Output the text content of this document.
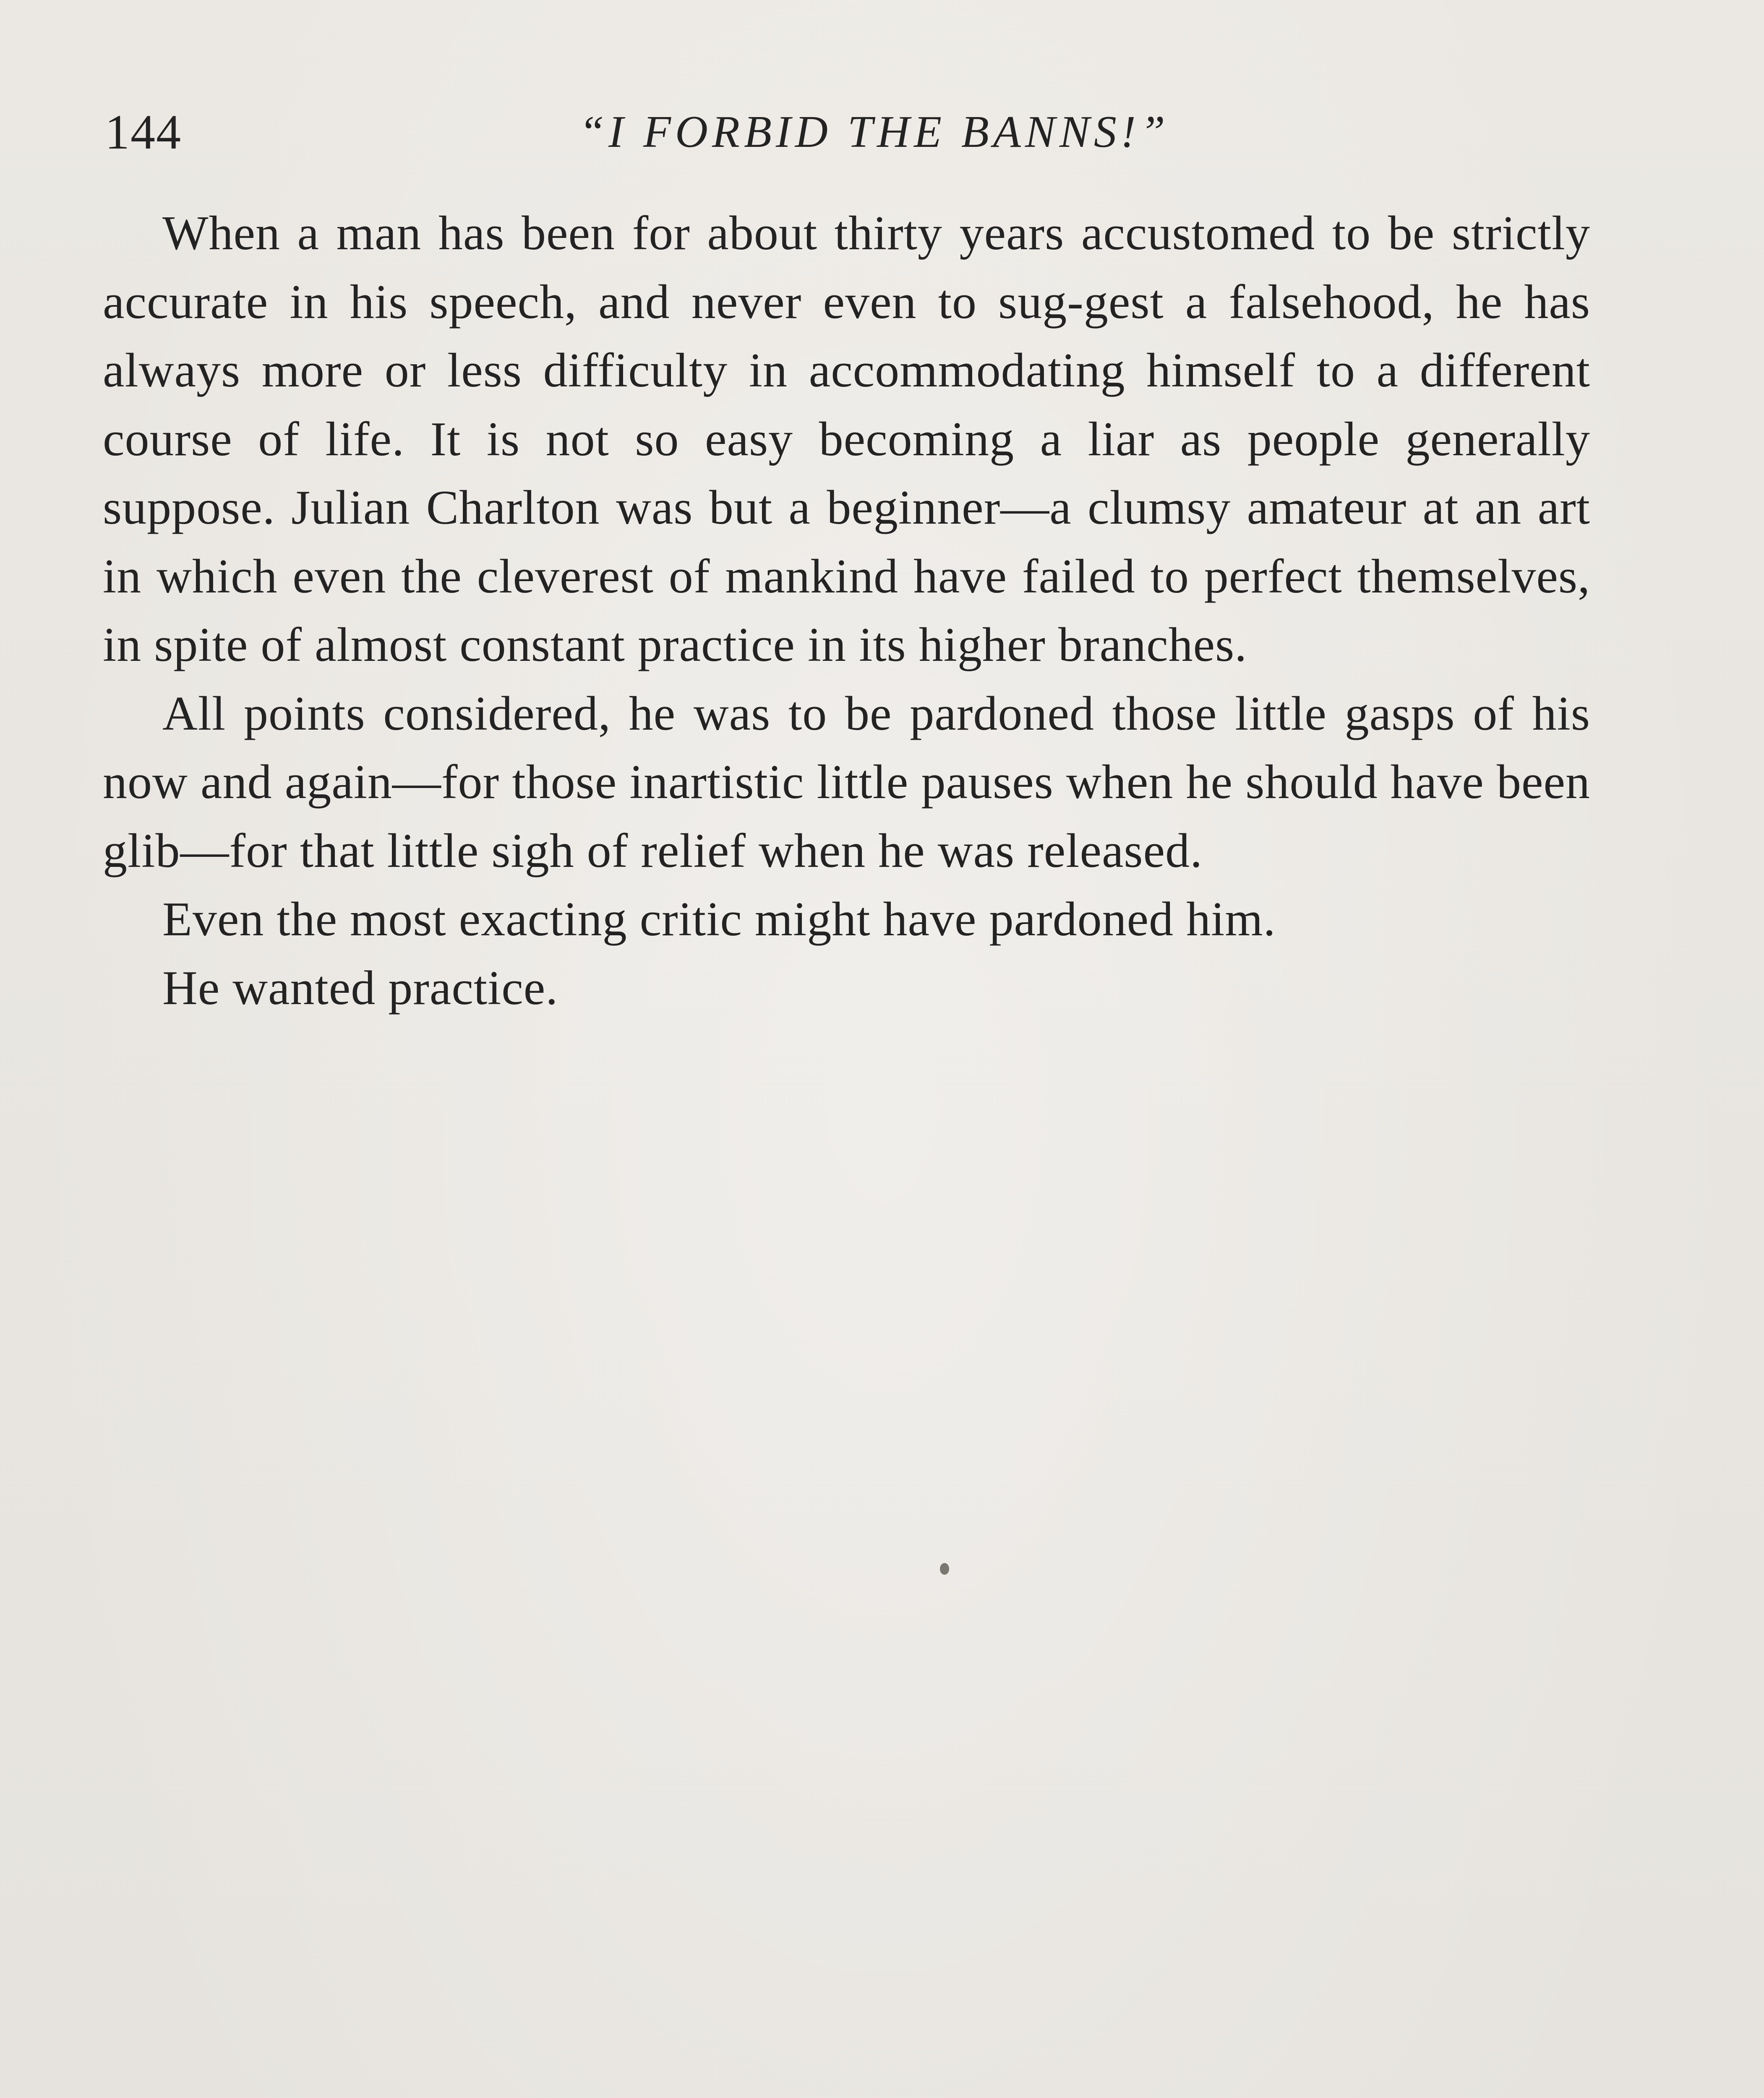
144	“I FORBID THE BANNS!”

When a man has been for about thirty years accustomed to be strictly accurate in his speech, and never even to sug-gest a falsehood, he has always more or less difficulty in accommodating himself to a different course of life. It is not so easy becoming a liar as people generally suppose. Julian Charlton was but a beginner—a clumsy amateur at an art in which even the cleverest of mankind have failed to perfect themselves, in spite of almost constant practice in its higher branches.

All points considered, he was to be pardoned those little gasps of his now and again—for those inartistic little pauses when he should have been glib—for that little sigh of relief when he was released.

Even the most exacting critic might have pardoned him.

He wanted practice.
